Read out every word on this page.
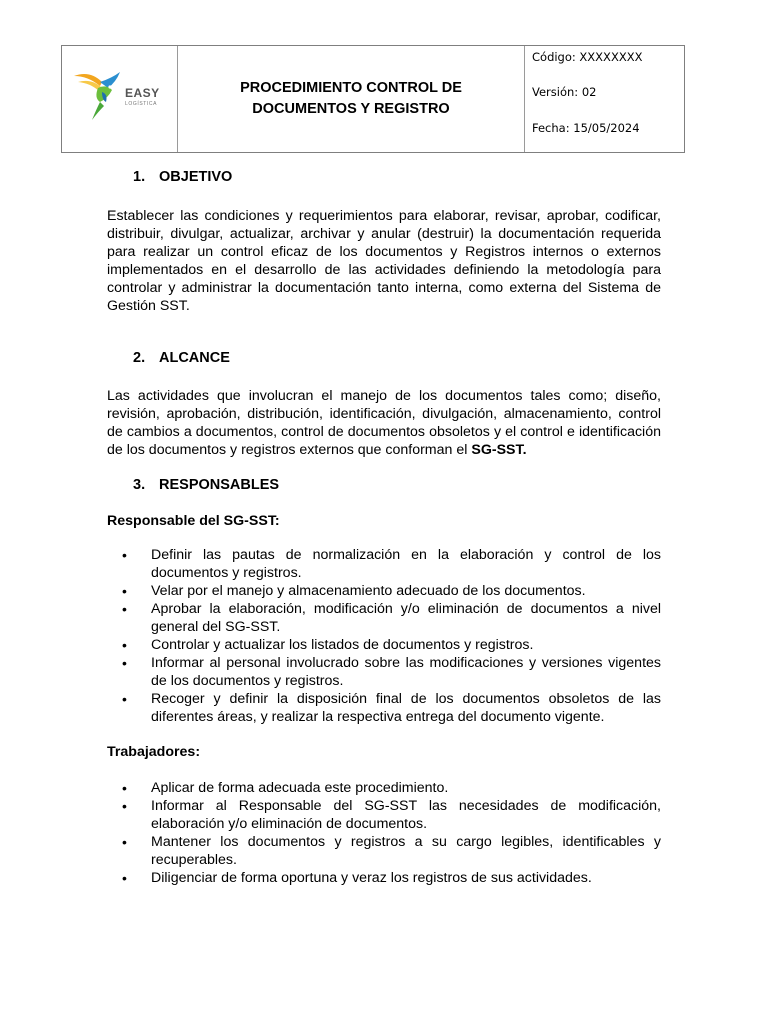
EASY
LOGÍSTICA
PROCEDIMIENTO CONTROL DE
DOCUMENTOS Y REGISTRO
Código: XXXXXXXX
Versión: 02
Fecha: 15/05/2024
1. OBJETIVO

Establecer las condiciones y requerimientos para elaborar, revisar, aprobar, codificar, distribuir, divulgar, actualizar, archivar y anular (destruir) la documentación requerida para realizar un control eficaz de los documentos y Registros internos o externos implementados en el desarrollo de las actividades definiendo la metodología para controlar y administrar la documentación tanto interna, como externa del Sistema de Gestión SST.

2. ALCANCE

Las actividades que involucran el manejo de los documentos tales como; diseño, revisión, aprobación, distribución, identificación, divulgación, almacenamiento, control de cambios a documentos, control de documentos obsoletos y el control e identificación de los documentos y registros externos que conforman el SG-SST.

3. RESPONSABLES

Responsable del SG-SST:

• Definir las pautas de normalización en la elaboración y control de los documentos y registros.
• Velar por el manejo y almacenamiento adecuado de los documentos.
• Aprobar la elaboración, modificación y/o eliminación de documentos a nivel general del SG-SST.
• Controlar y actualizar los listados de documentos y registros.
• Informar al personal involucrado sobre las modificaciones y versiones vigentes de los documentos y registros.
• Recoger y definir la disposición final de los documentos obsoletos de las diferentes áreas, y realizar la respectiva entrega del documento vigente.

Trabajadores:

• Aplicar de forma adecuada este procedimiento.
• Informar al Responsable del SG-SST las necesidades de modificación, elaboración y/o eliminación de documentos.
• Mantener los documentos y registros a su cargo legibles, identificables y recuperables.
• Diligenciar de forma oportuna y veraz los registros de sus actividades.
